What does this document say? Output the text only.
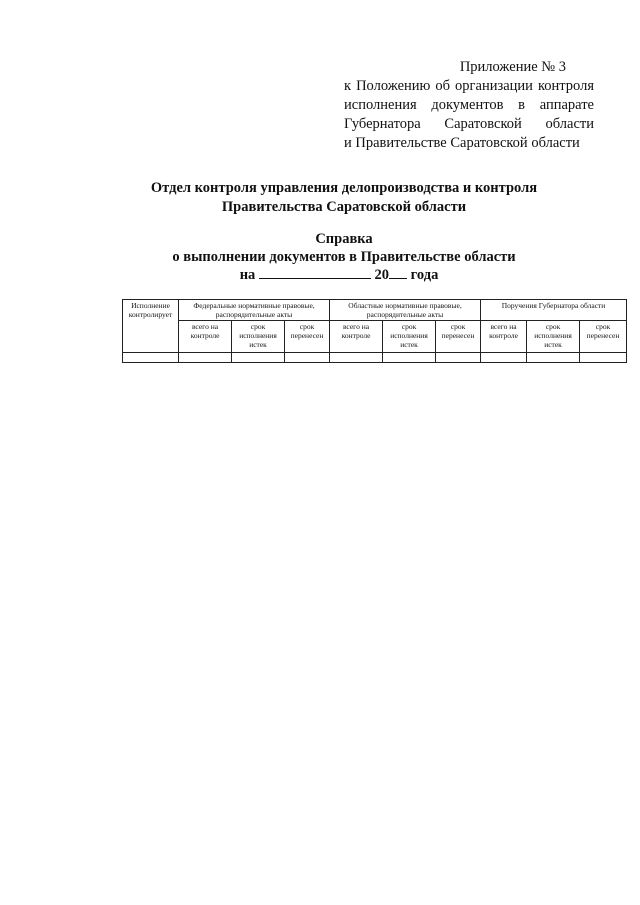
Приложение № 3
к Положению об организации контроля
исполнения документов в аппарате
Губернатора Саратовской области
и Правительстве Саратовской области
Отдел контроля управления делопроизводства и контроля
Правительства Саратовской области
Справка
о выполнении документов в Правительстве области
на	20 года
Исполнение контролирует	Федеральные нормативные правовые, распорядительные акты			Областные нормативные правовые, распорядительные акты			Поручения Губернатора области		
	всего на контроле	срок исполнения истек	срок перенесен	всего на контроле	срок исполнения истек	срок перенесен	всего на контроле	срок исполнения истек	срок перенесен
